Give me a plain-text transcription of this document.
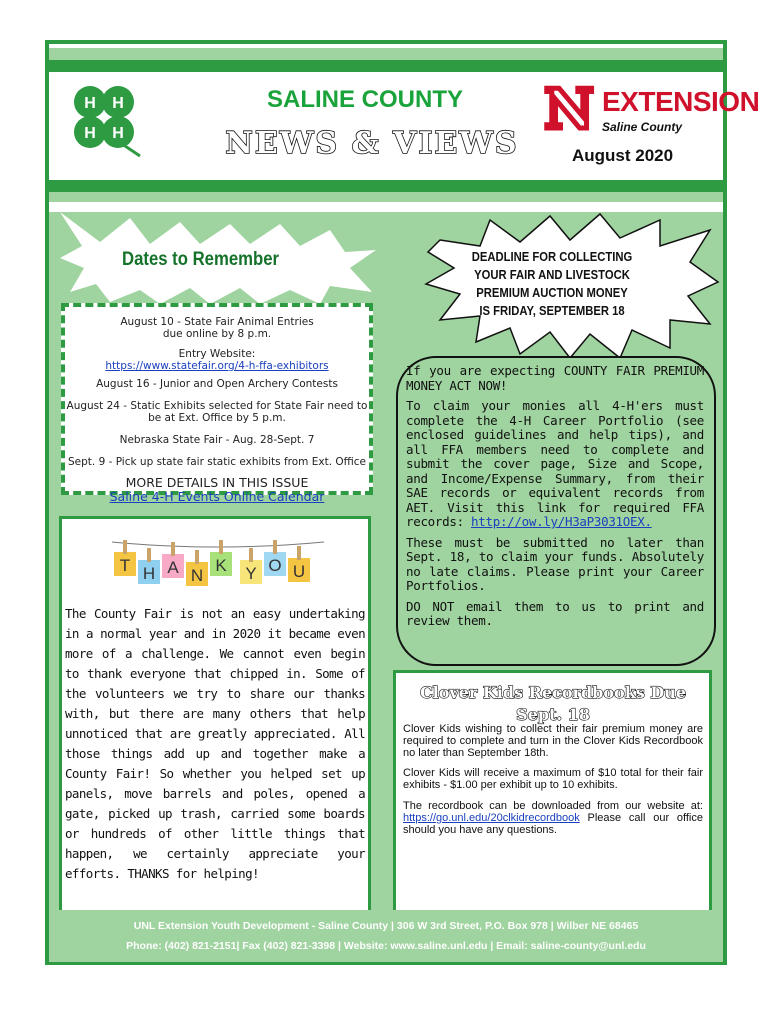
H H
H H
SALINE COUNTY
NEWS & VIEWS
N EXTENSION
Saline County
August 2020
Dates to Remember

August 10 - State Fair Animal Entries

due online by 8 p.m.

Entry Website:

https://www.statefair.org/4-h-ffa-exhibitors

August 16 - Junior and Open Archery Contests

August 24 - Static Exhibits selected for State Fair need to

be at Ext. Office by 5 p.m.

Nebraska State Fair - Aug. 28-Sept. 7

Sept. 9 - Pick up state fair static exhibits from Ext. Office

MORE DETAILS IN THIS ISSUE

Saline 4-H Events Online Calendar

DEADLINE FOR COLLECTING
YOUR FAIR AND LIVESTOCK
PREMIUM AUCTION MONEY
IS FRIDAY, SEPTEMBER 18
T H A N
K Y O U
The County Fair is not an easy undertaking in a normal year and in 2020 it became even more of a challenge. We cannot even begin to thank everyone that chipped in. Some of the volunteers we try to share our thanks with, but there are many others that help unnoticed that are greatly appreciated. All those things add up and together make a County Fair! So whether you helped set up panels, move barrels and poles, opened a gate, picked up trash, carried some boards or hundreds of other little things that happen, we certainly appreciate your efforts. THANKS for helping!

If you are expecting COUNTY FAIR PREMIUM MONEY ACT NOW!

To claim your monies all 4-H'ers must complete the 4-H Career Portfolio (see enclosed guidelines and help tips), and all FFA members need to complete and submit the cover page, Size and Scope, and Income/Expense Summary, from their SAE records or equivalent records from AET. Visit this link for required FFA records: http://ow.ly/H3aP3031OEX.

These must be submitted no later than Sept. 18, to claim your funds. Absolutely no late claims. Please print your Career Portfolios.

DO NOT email them to us to print and review them.

Clover Kids Recordbooks Due
Sept. 18

Clover Kids wishing to collect their fair premium money are required to complete and turn in the Clover Kids Recordbook no later than September 18th.

Clover Kids will receive a maximum of $10 total for their fair exhibits - $1.00 per exhibit up to 10 exhibits.

The recordbook can be downloaded from our website at: https://go.unl.edu/20clkidrecordbook Please call our office should you have any questions.

UNL Extension Youth Development - Saline County | 306 W 3rd Street, P.O. Box 978 | Wilber NE 68465
Phone: (402) 821-2151| Fax (402) 821-3398 | Website: www.saline.unl.edu | Email: saline-county@unl.edu
